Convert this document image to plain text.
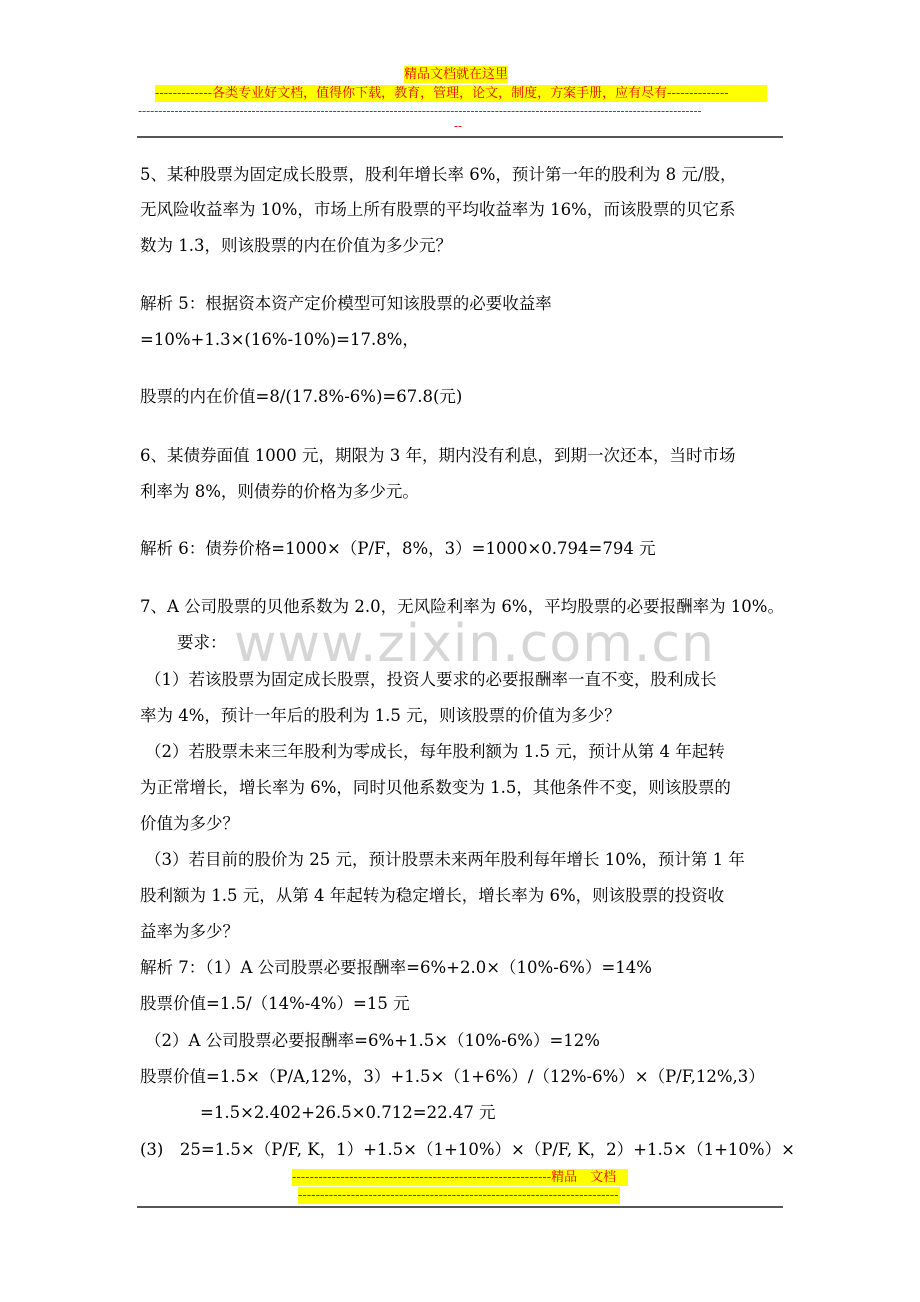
精品文档就在这里
-------------各类专业好文档，值得你下载，教育，管理，论文，制度，方案手册，应有尽有--------------
-------------------------------------------------------------------------------------------------------------------------------------------
--
www.zixin.com.cn
5、某种股票为固定成长股票，股利年增长率 6%，预计第一年的股利为 8 元/股，
无风险收益率为 10%，市场上所有股票的平均收益率为 16%，而该股票的贝它系
数为 1.3，则该股票的内在价值为多少元？
解析 5：根据资本资产定价模型可知该股票的必要收益率
=10%+1.3×(16%-10%)=17.8%，
股票的内在价值=8/(17.8%-6%)=67.8(元)
6、某债券面值 1000 元，期限为 3 年，期内没有利息，到期一次还本，当时市场
利率为 8%，则债券的价格为多少元。
解析 6：债券价格=1000×（P/F，8%，3）=1000×0.794=794 元
7、A 公司股票的贝他系数为 2.0，无风险利率为 6%，平均股票的必要报酬率为 10%。
要求：
（1）若该股票为固定成长股票，投资人要求的必要报酬率一直不变，股利成长
率为 4%，预计一年后的股利为 1.5 元，则该股票的价值为多少？
（2）若股票未来三年股利为零成长，每年股利额为 1.5 元，预计从第 4 年起转
为正常增长，增长率为 6%，同时贝他系数变为 1.5，其他条件不变，则该股票的
价值为多少？
（3）若目前的股价为 25 元，预计股票未来两年股利每年增长 10%，预计第 1 年
股利额为 1.5 元，从第 4 年起转为稳定增长，增长率为 6%，则该股票的投资收
益率为多少？
解析 7：（1）A 公司股票必要报酬率=6%+2.0×（10%-6%）=14%
股票价值=1.5/（14%-4%）=15 元
（2）A 公司股票必要报酬率=6%+1.5×（10%-6%）=12%
股票价值=1.5×（P/A,12%，3）+1.5×（1+6%）/（12%-6%）×（P/F,12%,3）
=1.5×2.402+26.5×0.712=22.47 元
(3)　25=1.5×（P/F, K，1）+1.5×（1+10%）×（P/F, K，2）+1.5×（1+10%）×
-----------------------------------------------------------精品　文档
-------------------------------------------------------------------------
